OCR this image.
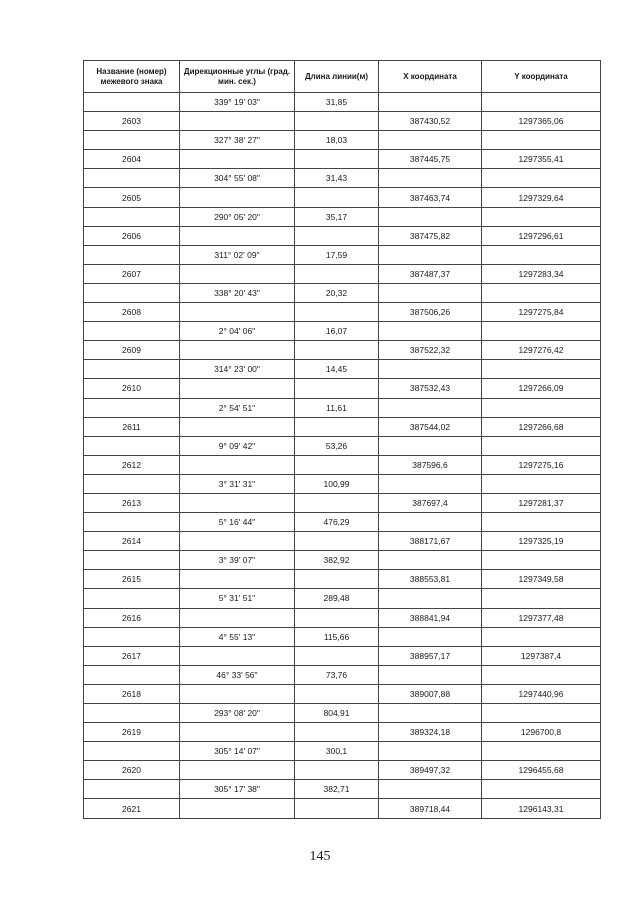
Название (номер) межевого знака	Дирекционные углы (град. мин. сек.)	Длина линии(м)	X координата	Y координата
	339° 19' 03"	31,85		
2603			387430,52	1297365,06
	327° 38' 27"	18,03		
2604			387445,75	1297355,41
	304° 55' 08"	31,43		
2605			387463,74	1297329,64
	290° 05' 20"	35,17		
2606			387475,82	1297296,61
	311° 02' 09"	17,59		
2607			387487,37	1297283,34
	338° 20' 43"	20,32		
2608			387506,26	1297275,84
	2° 04' 06"	16,07		
2609			387522,32	1297276,42
	314° 23' 00"	14,45		
2610			387532,43	1297266,09
	2° 54' 51"	11,61		
2611			387544,02	1297266,68
	9° 09' 42"	53,26		
2612			387596,6	1297275,16
	3° 31' 31"	100,99		
2613			387697,4	1297281,37
	5° 16' 44"	476,29		
2614			388171,67	1297325,19
	3° 39' 07"	382,92		
2615			388553,81	1297349,58
	5° 31' 51"	289,48		
2616			388841,94	1297377,48
	4° 55' 13"	115,66		
2617			388957,17	1297387,4
	46° 33' 56"	73,76		
2618			389007,88	1297440,96
	293° 08' 20"	804,91		
2619			389324,18	1296700,8
	305° 14' 07"	300,1		
2620			389497,32	1296455,68
	305° 17' 38"	382,71		
2621			389718,44	1296143,31
145
